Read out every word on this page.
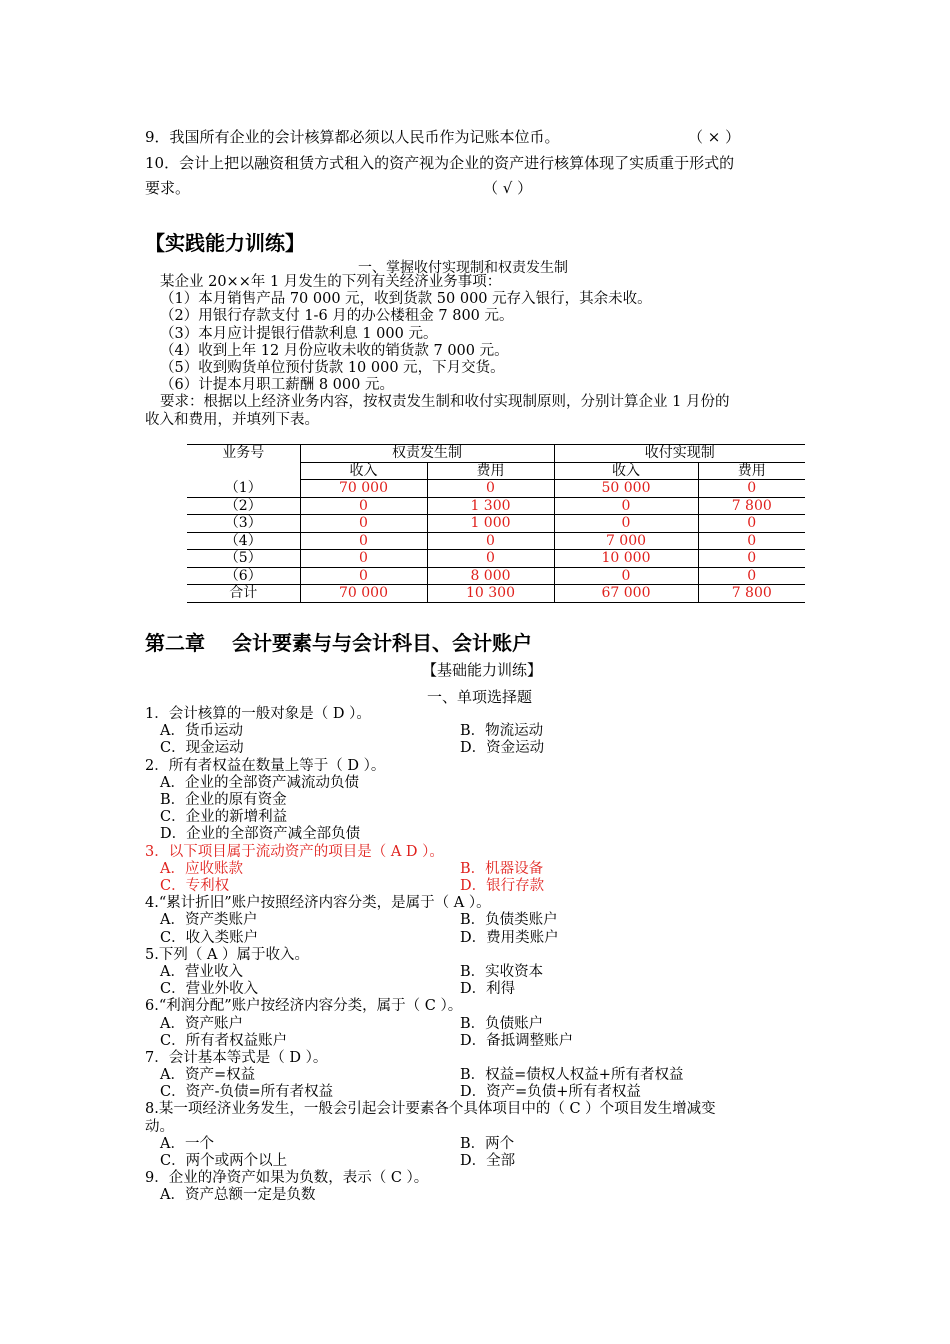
9．我国所有企业的会计核算都必须以人民币作为记账本位币。	（ × ）
10．会计上把以融资租赁方式租入的资产视为企业的资产进行核算体现了实质重于形式的
要求。	（ √ ）
【实践能力训练】
一、掌握收付实现制和权责发生制
某企业 20××年 1 月发生的下列有关经济业务事项：
（1）本月销售产品 70 000 元，收到货款 50 000 元存入银行，其余未收。
（2）用银行存款支付 1-6 月的办公楼租金 7 800 元。
（3）本月应计提银行借款利息 1 000 元。
（4）收到上年 12 月份应收未收的销货款 7 000 元。
（5）收到购货单位预付货款 10 000 元，下月交货。
（6）计提本月职工薪酬 8 000 元。
要求：根据以上经济业务内容，按权责发生制和收付实现制原则，分别计算企业 1 月份的
收入和费用，并填列下表。
业务号	权责发生制		收付实现制	
	收入	费用	收入	费用
（1）	70 000	0	50 000	0
（2）	0	1 300	0	7 800
（3）	0	1 000	0	0
（4）	0	0	7 000	0
（5）	0	0	10 000	0
（6）	0	8 000	0	0
合计	70 000	10 300	67 000	7 800
第二章　 会计要素与与会计科目、会计账户
【基础能力训练】
一、单项选择题
1．会计核算的一般对象是（ D ）。
A．货币运动	B．物流运动
C．现金运动	D．资金运动
2．所有者权益在数量上等于（ D ）。
A．企业的全部资产减流动负债
B．企业的原有资金
C．企业的新增利益
D．企业的全部资产减全部负债
3．以下项目属于流动资产的项目是（ A D ）。
A．应收账款	B．机器设备
C．专利权	D．银行存款
4.“累计折旧”账户按照经济内容分类，是属于（ A ）。
A．资产类账户	B．负债类账户
C．收入类账户	D．费用类账户
5.下列（ A ）属于收入。
A．营业收入	B．实收资本
C．营业外收入	D．利得
6.“利润分配”账户按经济内容分类，属于（ C ）。
A．资产账户	B．负债账户
C．所有者权益账户	D．备抵调整账户
7．会计基本等式是（ D ）。
A．资产=权益	B．权益=债权人权益+所有者权益
C．资产-负债=所有者权益	D．资产=负债+所有者权益
8.某一项经济业务发生，一般会引起会计要素各个具体项目中的（ C ）个项目发生增减变
动。
A．一个	B．两个
C．两个或两个以上	D．全部
9．企业的净资产如果为负数，表示（ C ）。
A．资产总额一定是负数
